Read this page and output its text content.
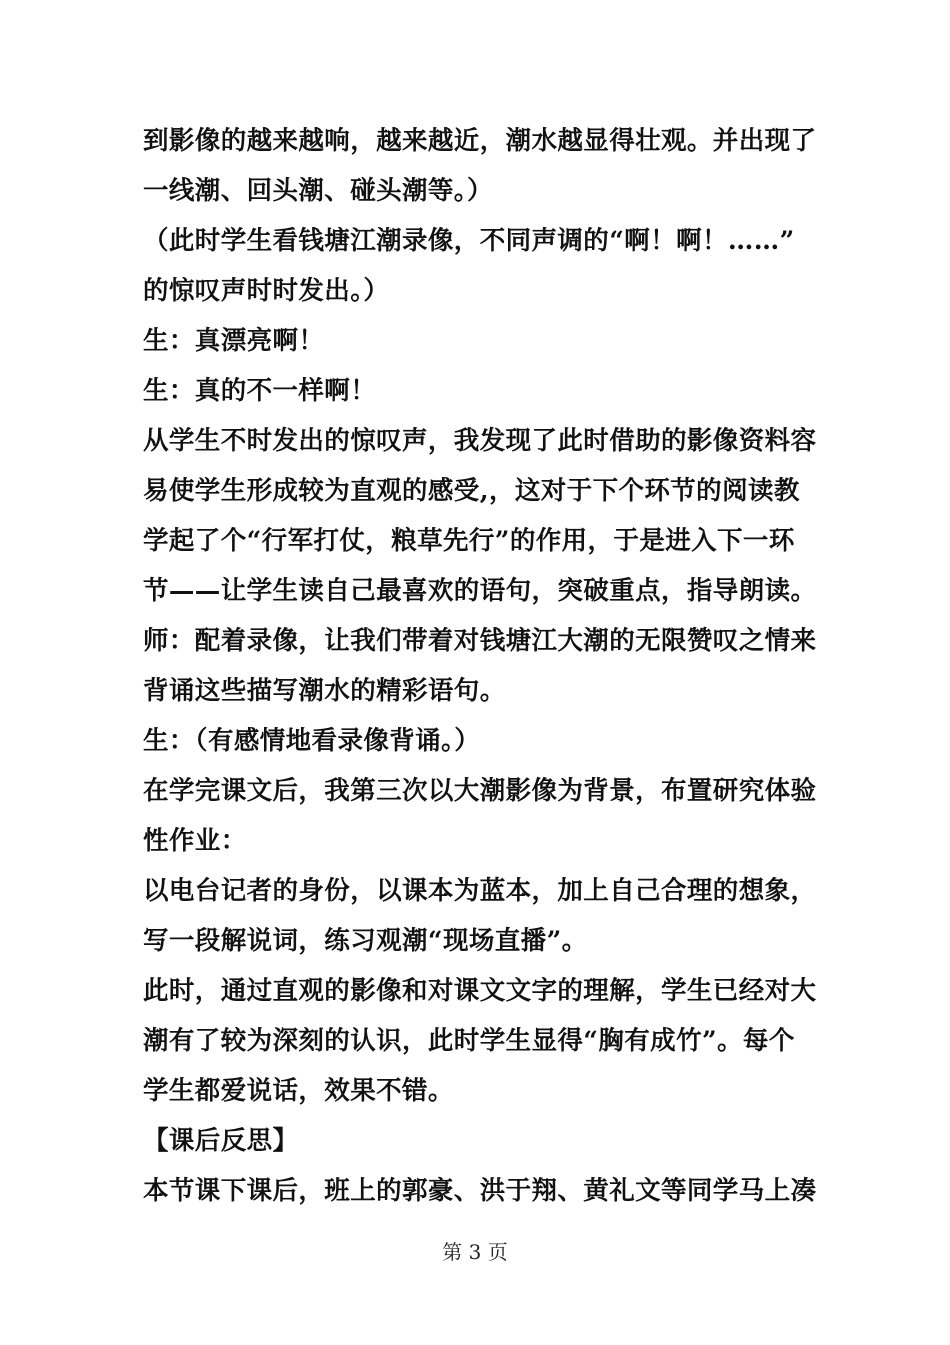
到影像的越来越响，越来越近，潮水越显得壮观。并出现了
一线潮、回头潮、碰头潮等。）
（此时学生看钱塘江潮录像，不同声调的“啊！啊！……”
的惊叹声时时发出。）
生：真漂亮啊！
生：真的不一样啊！
从学生不时发出的惊叹声，我发现了此时借助的影像资料容
易使学生形成较为直观的感受,，这对于下个环节的阅读教
学起了个“行军打仗，粮草先行”的作用，于是进入下一环
节——让学生读自己最喜欢的语句，突破重点，指导朗读。
师：配着录像，让我们带着对钱塘江大潮的无限赞叹之情来
背诵这些描写潮水的精彩语句。
生：（有感情地看录像背诵。）
在学完课文后，我第三次以大潮影像为背景，布置研究体验
性作业：
以电台记者的身份，以课本为蓝本，加上自己合理的想象，
写一段解说词，练习观潮“现场直播”。
此时，通过直观的影像和对课文文字的理解，学生已经对大
潮有了较为深刻的认识，此时学生显得“胸有成竹”。每个
学生都爱说话，效果不错。
【课后反思】
本节课下课后，班上的郭豪、洪于翔、黄礼文等同学马上凑
第 3 页
